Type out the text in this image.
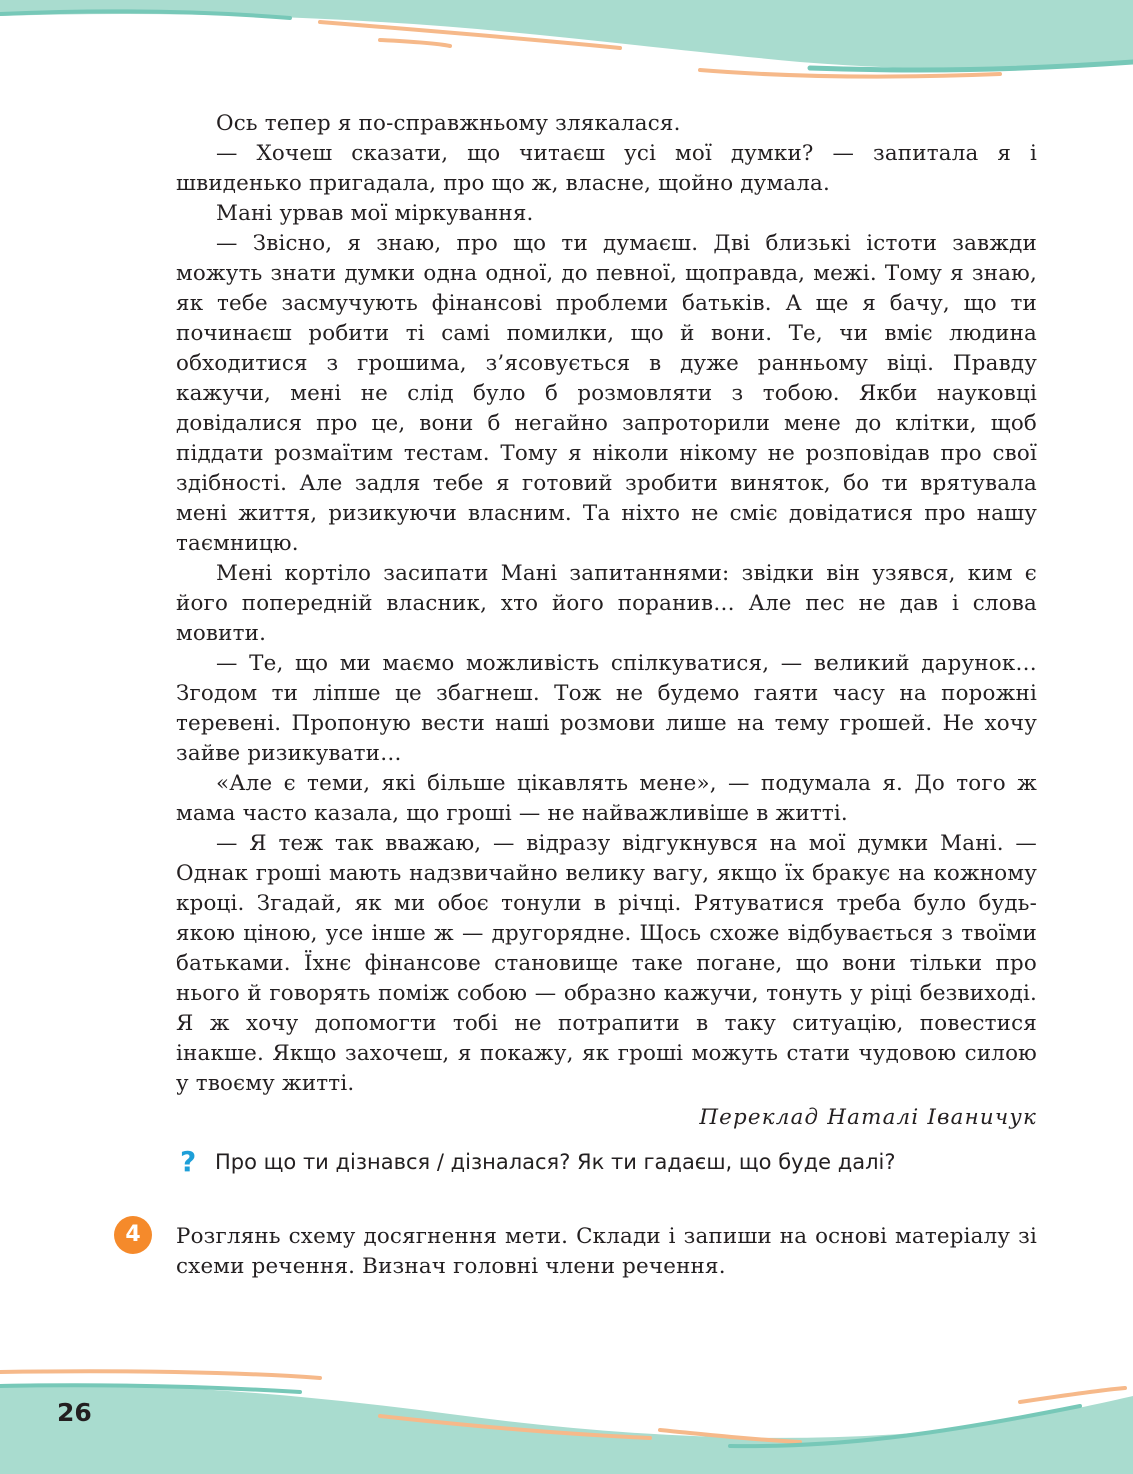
Ось тепер я по-справжньому злякалася.

— Хочеш сказати, що читаєш усі мої думки? — запитала я і швиденько пригадала, про що ж, власне, щойно думала.

Мані урвав мої міркування.

— Звісно, я знаю, про що ти думаєш. Дві близькі істоти завжди можуть знати думки одна одної, до певної, щоправда, межі. Тому я знаю, як тебе засмучують фінансові проблеми батьків. А ще я бачу, що ти починаєш робити ті самі помилки, що й вони. Те, чи вміє людина обходитися з грошима, з’ясовується в дуже ранньому віці. Правду кажучи, мені не слід було б розмовляти з тобою. Якби науковці довідалися про це, вони б негайно запроторили мене до клітки, щоб піддати розмаїтим тестам. Тому я ніколи нікому не розповідав про свої здібності. Але задля тебе я готовий зробити виняток, бо ти врятувала мені життя, ризикуючи власним. Та ніхто не сміє довідатися про нашу таємницю.

Мені кортіло засипати Мані запитаннями: звідки він узявся, ким є його попередній власник, хто його поранив… Але пес не дав і слова мовити.

— Те, що ми маємо можливість спілкуватися, — великий дарунок… Згодом ти ліпше це збагнеш. Тож не будемо гаяти часу на порожні теревені. Пропоную вести наші розмови лише на тему грошей. Не хочу зайве ризикувати…

«Але є теми, які більше цікавлять мене», — подумала я. До того ж мама часто казала, що гроші — не найважливіше в житті.

— Я теж так вважаю, — відразу відгукнувся на мої думки Мані. — Однак гроші мають надзвичайно велику вагу, якщо їх бракує на кожному кроці. Згадай, як ми обоє тонули в річці. Рятуватися треба було будь-якою ціною, усе інше ж — другорядне. Щось схоже відбувається з твоїми батьками. Їхнє фінансове становище таке погане, що вони тільки про нього й говорять поміж собою — образно кажучи, тонуть у ріці безвиході. Я ж хочу допомогти тобі не потрапити в таку ситуацію, повестися інакше. Якщо захочеш, я покажу, як гроші можуть стати чудовою силою у твоєму житті.

Переклад Наталі Іваничук
? Про що ти дізнався / дізналася? Як ти гадаєш, що буде далі?
4	Розглянь схему досягнення мети. Склади і запиши на основі матеріалу зі схеми речення. Визнач головні члени речення.

26
